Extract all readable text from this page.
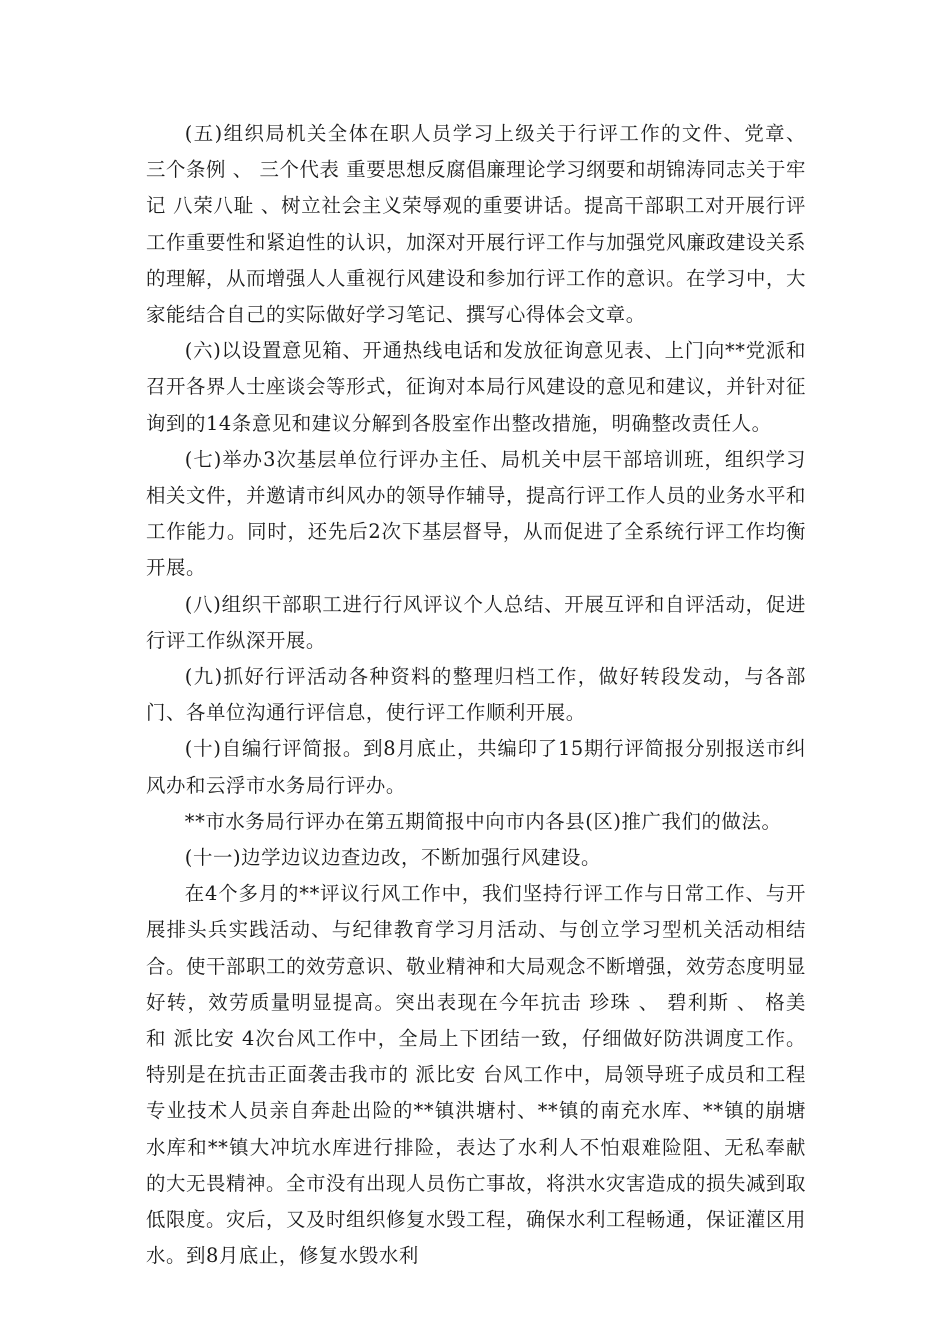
(五)组织局机关全体在职人员学习上级关于行评工作的文件、党章、 三个条例 、 三个代表 重要思想反腐倡廉理论学习纲要和胡锦涛同志关于牢记 八荣八耻 、树立社会主义荣辱观的重要讲话。提高干部职工对开展行评工作重要性和紧迫性的认识，加深对开展行评工作与加强党风廉政建设关系的理解，从而增强人人重视行风建设和参加行评工作的意识。在学习中，大家能结合自己的实际做好学习笔记、撰写心得体会文章。

(六)以设置意见箱、开通热线电话和发放征询意见表、上门向**党派和召开各界人士座谈会等形式，征询对本局行风建设的意见和建议，并针对征询到的14条意见和建议分解到各股室作出整改措施，明确整改责任人。

(七)举办3次基层单位行评办主任、局机关中层干部培训班，组织学习相关文件，并邀请市纠风办的领导作辅导，提高行评工作人员的业务水平和工作能力。同时，还先后2次下基层督导，从而促进了全系统行评工作均衡开展。

(八)组织干部职工进行行风评议个人总结、开展互评和自评活动，促进行评工作纵深开展。

(九)抓好行评活动各种资料的整理归档工作，做好转段发动，与各部门、各单位沟通行评信息，使行评工作顺利开展。

(十)自编行评简报。到8月底止，共编印了15期行评简报分别报送市纠风办和云浮市水务局行评办。

**市水务局行评办在第五期简报中向市内各县(区)推广我们的做法。

(十一)边学边议边查边改，不断加强行风建设。

在4个多月的**评议行风工作中，我们坚持行评工作与日常工作、与开展排头兵实践活动、与纪律教育学习月活动、与创立学习型机关活动相结合。使干部职工的效劳意识、敬业精神和大局观念不断增强，效劳态度明显好转，效劳质量明显提高。突出表现在今年抗击 珍珠 、 碧利斯 、 格美 和 派比安 4次台风工作中，全局上下团结一致，仔细做好防洪调度工作。特别是在抗击正面袭击我市的 派比安 台风工作中，局领导班子成员和工程专业技术人员亲自奔赴出险的**镇洪塘村、**镇的南充水库、**镇的崩塘水库和**镇大冲坑水库进行排险，表达了水利人不怕艰难险阻、无私奉献的大无畏精神。全市没有出现人员伤亡事故，将洪水灾害造成的损失减到取低限度。灾后，又及时组织修复水毁工程，确保水利工程畅通，保证灌区用水。到8月底止，修复水毁水利
